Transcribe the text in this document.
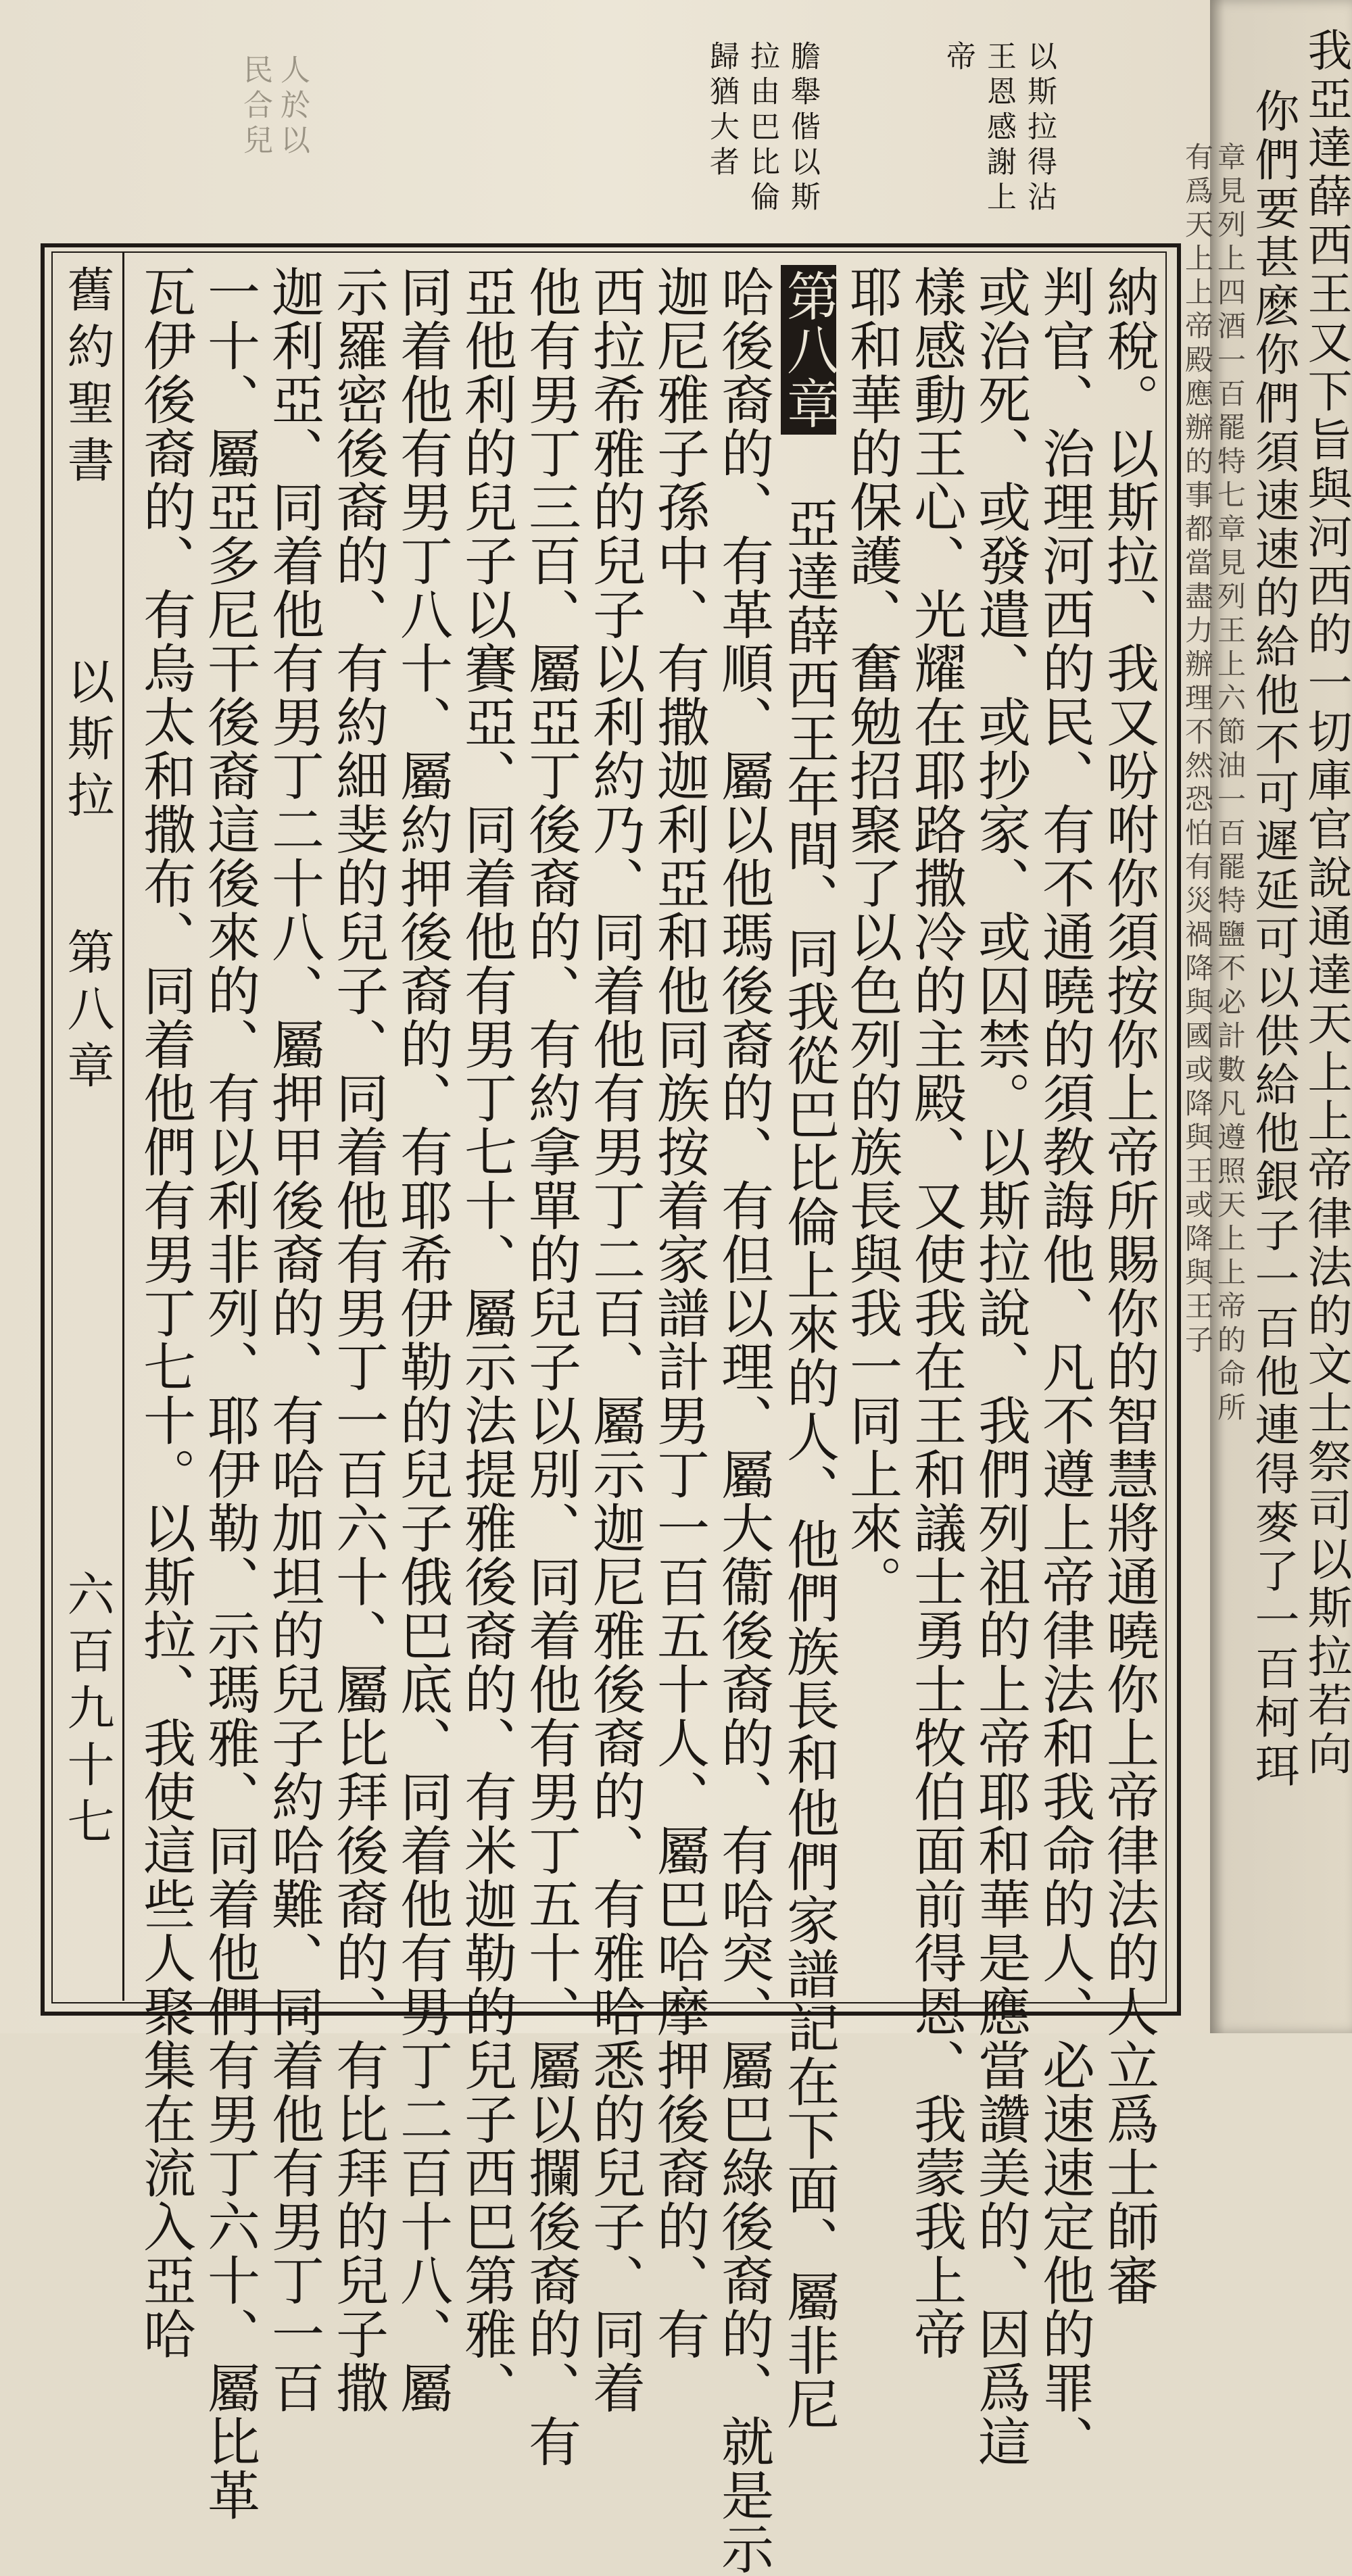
我亞達薛西王又下旨與河西的一切庫官說通達天上上帝律法的文士祭司以斯拉若向
你們要甚麽你們須速速的給他不可遲延可以供給他銀子一百他連得麥了一百柯珥
章見列上四酒一百罷特七章見列王上六節油一百罷特鹽不必計數凡遵照天上上帝的命所
有爲天上上帝殿應辦的事都當盡力辦理不然恐怕有災禍降與國或降與王或降與王子
人於以
民合兒	膽舉偕以斯
拉由巴比倫
歸猶大者	以斯拉得沾
王恩感謝上
帝
舊約聖書
以斯拉
第八章
六百九十七	納稅。以斯拉、我又吩咐你須按你上帝所賜你的智慧將通曉你上帝律法的人立爲士師審
判官、治理河西的民、有不通曉的須教誨他、凡不遵上帝律法和我命的人、必速速定他的罪、
或治死、或發遣、或抄家、或囚禁。以斯拉說、我們列祖的上帝耶和華是應當讚美的、因爲這
樣感動王心、光耀在耶路撒冷的主殿、又使我在王和議士勇士牧伯面前得恩、我蒙我上帝
耶和華的保護、奮勉招聚了以色列的族長與我一同上來。
第八章 亞達薛西王年間、同我從巴比倫上來的人、他們族長和他們家譜記在下面、屬非尼
哈後裔的、有革順、屬以他瑪後裔的、有但以理、屬大衞後裔的、有哈突、屬巴綠後裔的、就是示
迦尼雅子孫中、有撒迦利亞和他同族按着家譜計男丁一百五十人、屬巴哈摩押後裔的、有
西拉希雅的兒子以利約乃、同着他有男丁二百、屬示迦尼雅後裔的、有雅哈悉的兒子、同着
他有男丁三百、屬亞丁後裔的、有約拿單的兒子以別、同着他有男丁五十、屬以攔後裔的、有
亞他利的兒子以賽亞、同着他有男丁七十、屬示法提雅後裔的、有米迦勒的兒子西巴第雅、
同着他有男丁八十、屬約押後裔的、有耶希伊勒的兒子俄巴底、同着他有男丁二百十八、屬
示羅密後裔的、有約細斐的兒子、同着他有男丁一百六十、屬比拜後裔的、有比拜的兒子撒
迦利亞、同着他有男丁二十八、屬押甲後裔的、有哈加坦的兒子約哈難、同着他有男丁一百
一十、屬亞多尼干後裔這後來的、有以利非列、耶伊勒、示瑪雅、同着他們有男丁六十、屬比革
瓦伊後裔的、有烏太和撒布、同着他們有男丁七十。以斯拉、我使這些人聚集在流入亞哈
